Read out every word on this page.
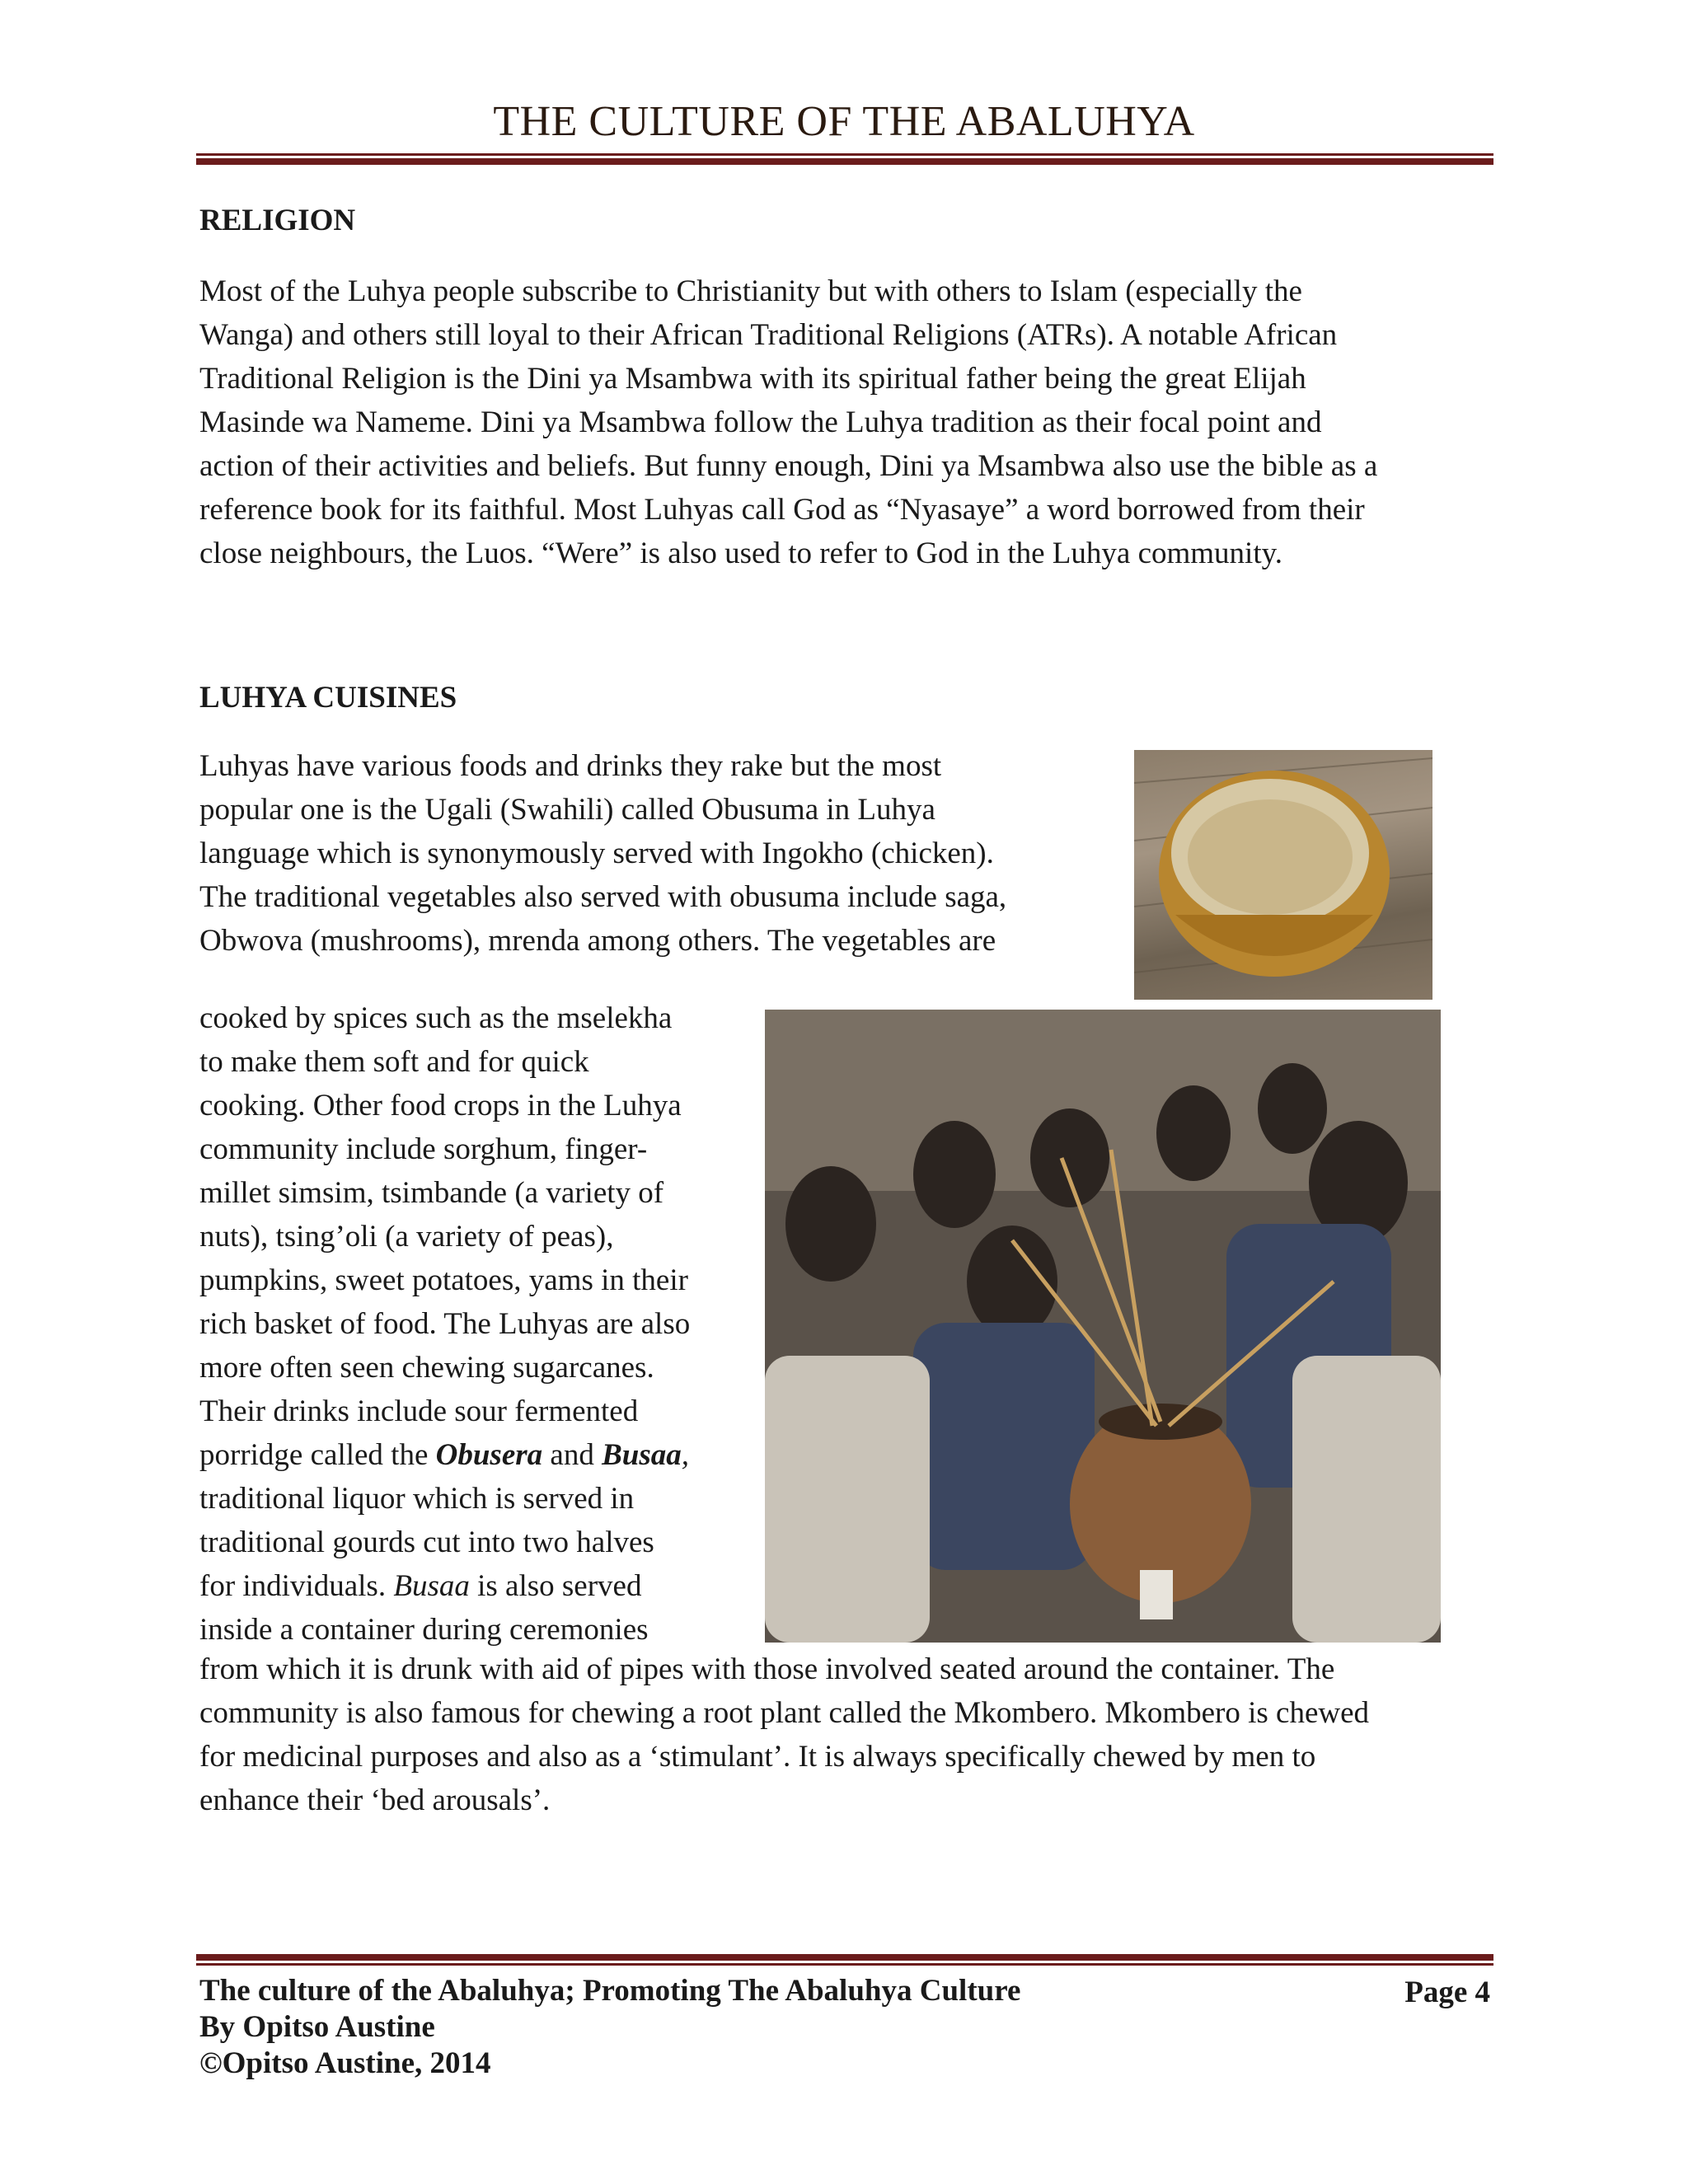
THE CULTURE OF THE ABALUHYA
RELIGION
Most of the Luhya people subscribe to Christianity but with others to Islam (especially the
Wanga) and others still loyal to their African Traditional Religions (ATRs). A notable African
Traditional Religion is the Dini ya Msambwa with its spiritual father being the great Elijah
Masinde wa Nameme. Dini ya Msambwa follow the Luhya tradition as their focal point and
action of their activities and beliefs. But funny enough, Dini ya Msambwa also use the bible as a
reference book for its faithful. Most Luhyas call God as “Nyasaye” a word borrowed from their
close neighbours, the Luos. “Were” is also used to refer to God in the Luhya community.
LUHYA CUISINES
Luhyas have various foods and drinks they rake but the most
popular one is the Ugali (Swahili) called Obusuma in Luhya
language which is synonymously served with Ingokho (chicken).
The traditional vegetables also served with obusuma include saga,
Obwova (mushrooms), mrenda among others. The vegetables are
cooked by spices such as the mselekha
to make them soft and for quick
cooking. Other food crops in the Luhya
community include sorghum, finger-
millet simsim, tsimbande (a variety of
nuts), tsing’oli (a variety of peas),
pumpkins, sweet potatoes, yams in their
rich basket of food. The Luhyas are also
more often seen chewing sugarcanes.
Their drinks include sour fermented
porridge called the Obusera and Busaa,
traditional liquor which is served in
traditional gourds cut into two halves
for individuals. Busaa is also served
inside a container during ceremonies
from which it is drunk with aid of pipes with those involved seated around the container. The
community is also famous for chewing a root plant called the Mkombero. Mkombero is chewed
for medicinal purposes and also as a ‘stimulant’. It is always specifically chewed by men to
enhance their ‘bed arousals’.
The culture of the Abaluhya; Promoting The Abaluhya Culture
By Opitso Austine
©Opitso Austine, 2014
Page 4
